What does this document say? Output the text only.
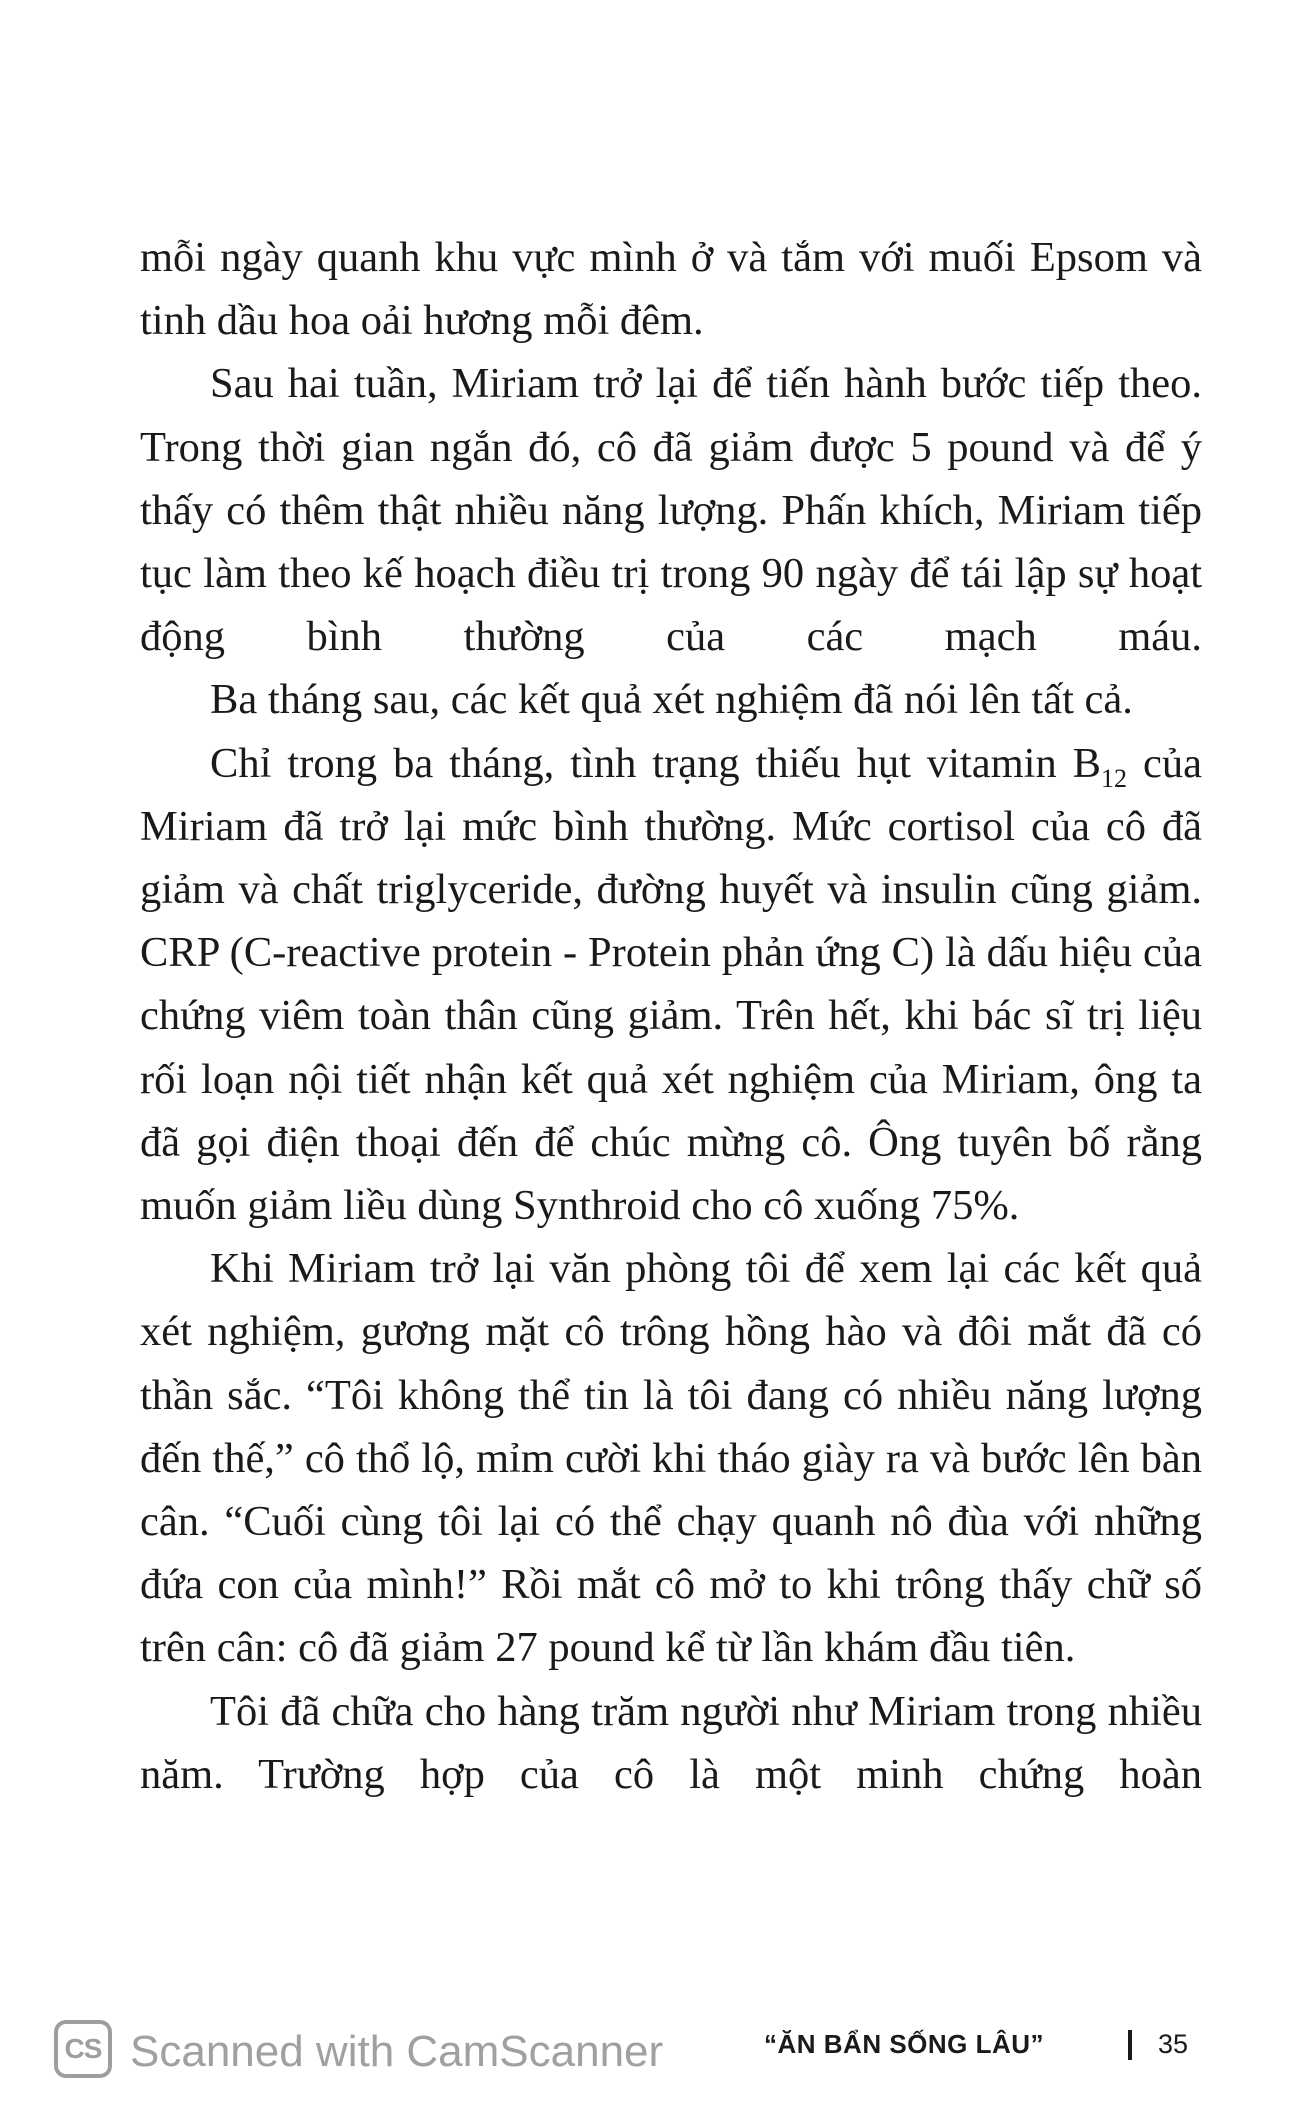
mỗi ngày quanh khu vực mình ở và tắm với muối Epsom và tinh dầu hoa oải hương mỗi đêm.

Sau hai tuần, Miriam trở lại để tiến hành bước tiếp theo. Trong thời gian ngắn đó, cô đã giảm được 5 pound và để ý thấy có thêm thật nhiều năng lượng. Phấn khích, Miriam tiếp tục làm theo kế hoạch điều trị trong 90 ngày để tái lập sự hoạt động bình thường của các mạch máu.

Ba tháng sau, các kết quả xét nghiệm đã nói lên tất cả.

Chỉ trong ba tháng, tình trạng thiếu hụt vitamin $B_{12}$ của Miriam đã trở lại mức bình thường. Mức cortisol của cô đã giảm và chất triglyceride, đường huyết và insulin cũng giảm. CRP (C-reactive protein - Protein phản ứng C) là dấu hiệu của chứng viêm toàn thân cũng giảm. Trên hết, khi bác sĩ trị liệu rối loạn nội tiết nhận kết quả xét nghiệm của Miriam, ông ta đã gọi điện thoại đến để chúc mừng cô. Ông tuyên bố rằng muốn giảm liều dùng Synthroid cho cô xuống 75%.

Khi Miriam trở lại văn phòng tôi để xem lại các kết quả xét nghiệm, gương mặt cô trông hồng hào và đôi mắt đã có thần sắc. “Tôi không thể tin là tôi đang có nhiều năng lượng đến thế,” cô thổ lộ, mỉm cười khi tháo giày ra và bước lên bàn cân. “Cuối cùng tôi lại có thể chạy quanh nô đùa với những đứa con của mình!” Rồi mắt cô mở to khi trông thấy chữ số trên cân: cô đã giảm 27 pound kể từ lần khám đầu tiên.

Tôi đã chữa cho hàng trăm người như Miriam trong nhiều năm. Trường hợp của cô là một minh chứng hoàn

CS Scanned with CamScanner	“ĂN BẨN SỐNG LÂU”	35
